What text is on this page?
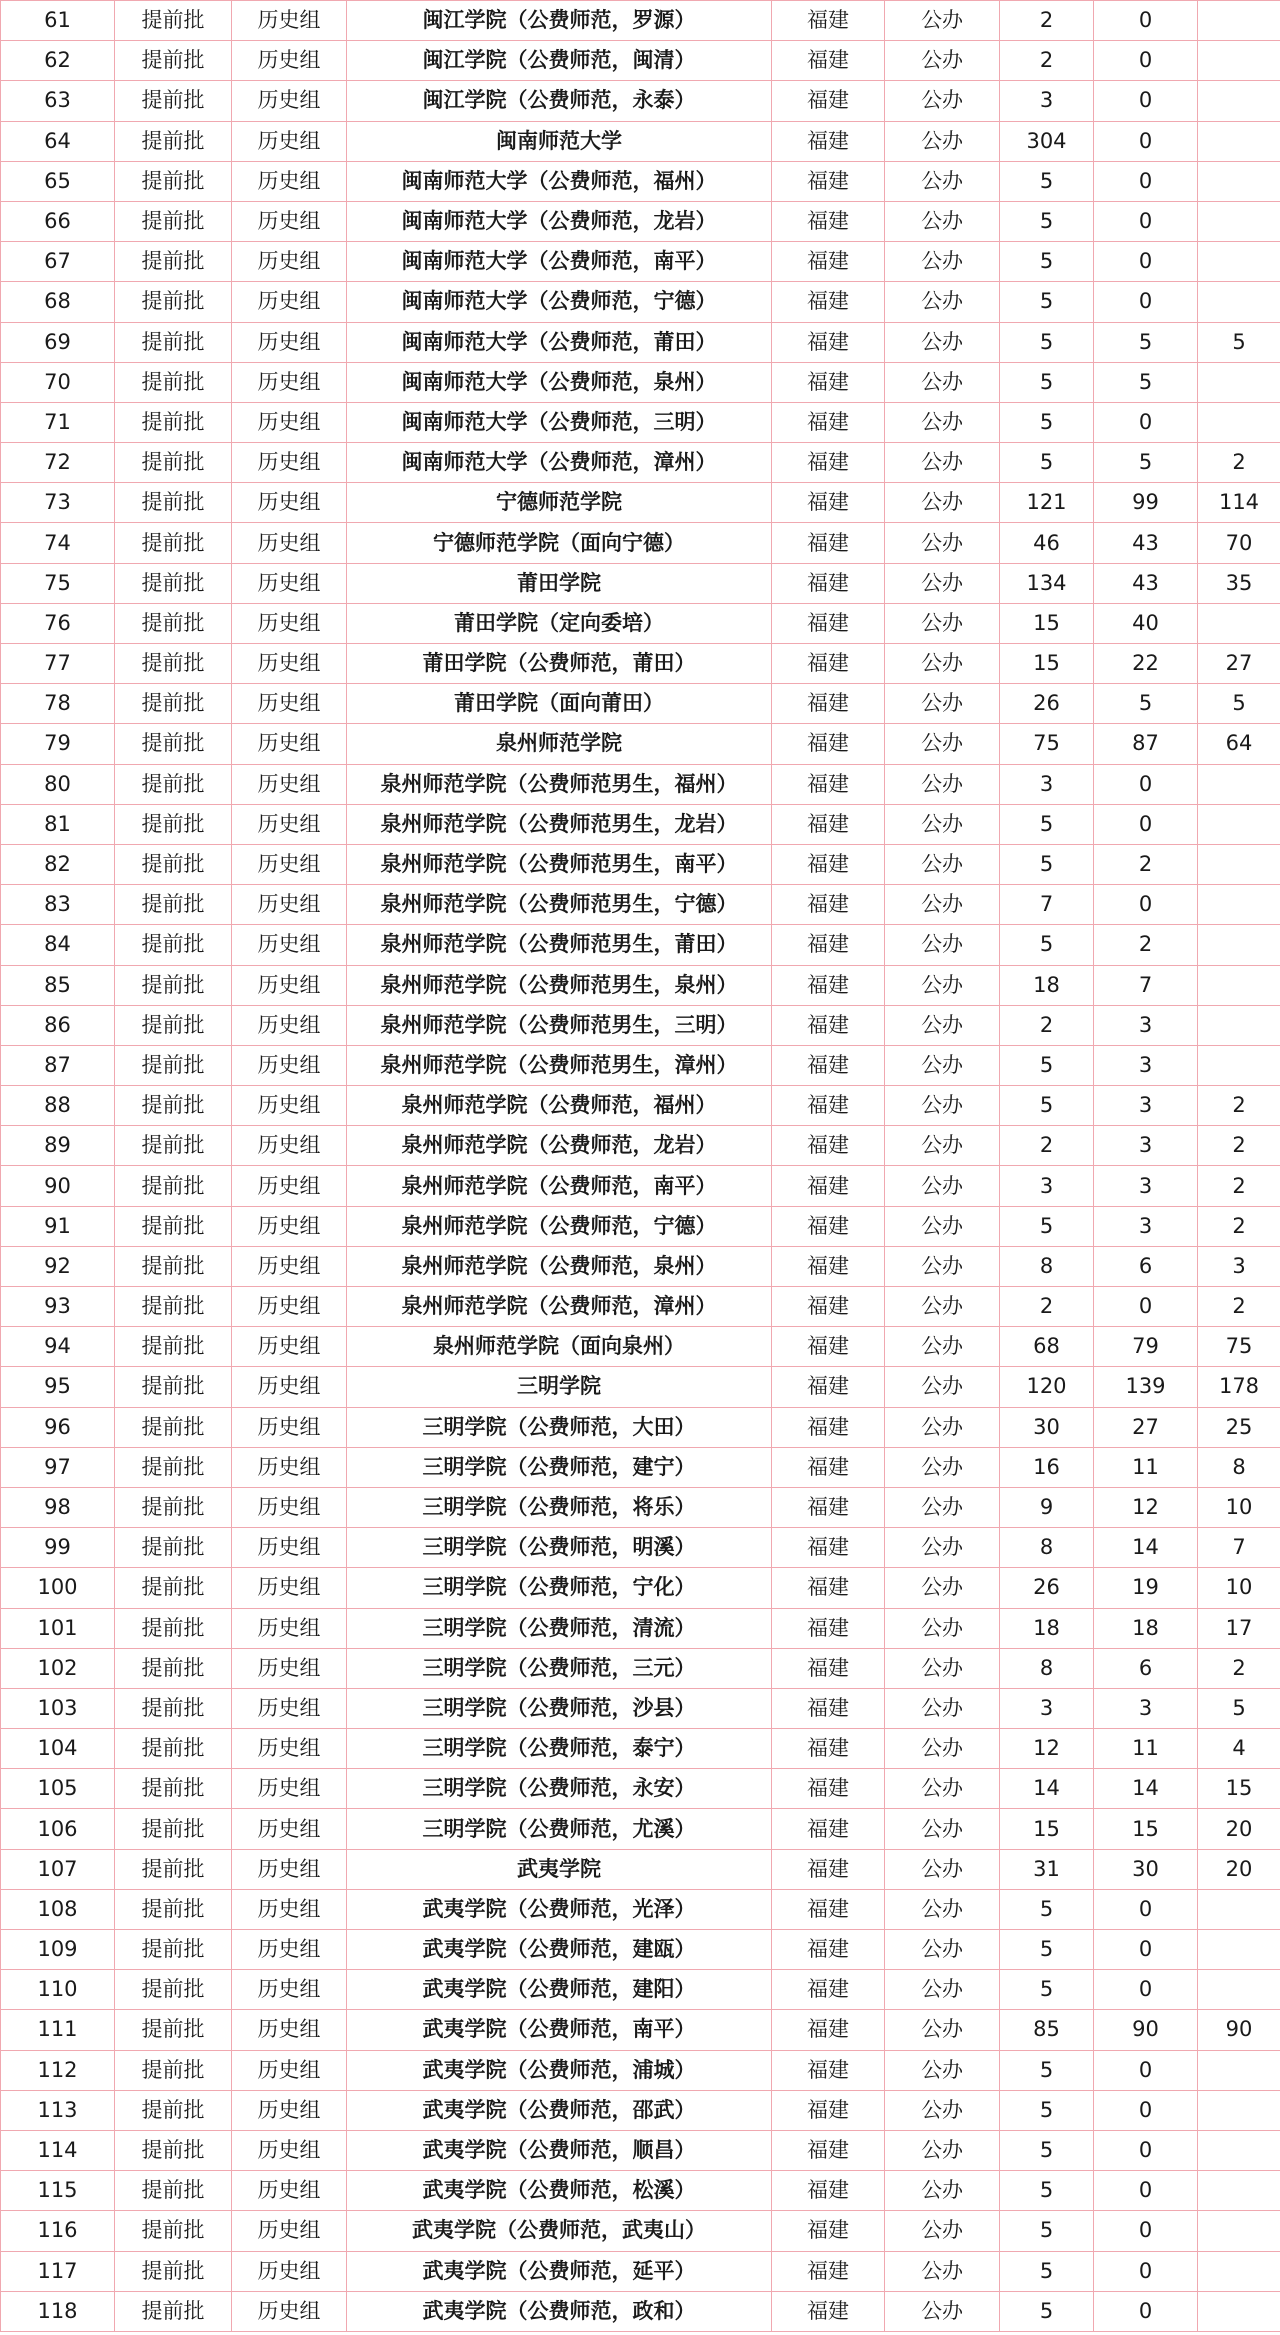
61	提前批	历史组	闽江学院（公费师范，罗源）	福建	公办	2	0	
62	提前批	历史组	闽江学院（公费师范，闽清）	福建	公办	2	0	
63	提前批	历史组	闽江学院（公费师范，永泰）	福建	公办	3	0	
64	提前批	历史组	闽南师范大学	福建	公办	304	0	
65	提前批	历史组	闽南师范大学（公费师范，福州）	福建	公办	5	0	
66	提前批	历史组	闽南师范大学（公费师范，龙岩）	福建	公办	5	0	
67	提前批	历史组	闽南师范大学（公费师范，南平）	福建	公办	5	0	
68	提前批	历史组	闽南师范大学（公费师范，宁德）	福建	公办	5	0	
69	提前批	历史组	闽南师范大学（公费师范，莆田）	福建	公办	5	5	5
70	提前批	历史组	闽南师范大学（公费师范，泉州）	福建	公办	5	5	
71	提前批	历史组	闽南师范大学（公费师范，三明）	福建	公办	5	0	
72	提前批	历史组	闽南师范大学（公费师范，漳州）	福建	公办	5	5	2
73	提前批	历史组	宁德师范学院	福建	公办	121	99	114
74	提前批	历史组	宁德师范学院（面向宁德）	福建	公办	46	43	70
75	提前批	历史组	莆田学院	福建	公办	134	43	35
76	提前批	历史组	莆田学院（定向委培）	福建	公办	15	40	
77	提前批	历史组	莆田学院（公费师范，莆田）	福建	公办	15	22	27
78	提前批	历史组	莆田学院（面向莆田）	福建	公办	26	5	5
79	提前批	历史组	泉州师范学院	福建	公办	75	87	64
80	提前批	历史组	泉州师范学院（公费师范男生，福州）	福建	公办	3	0	
81	提前批	历史组	泉州师范学院（公费师范男生，龙岩）	福建	公办	5	0	
82	提前批	历史组	泉州师范学院（公费师范男生，南平）	福建	公办	5	2	
83	提前批	历史组	泉州师范学院（公费师范男生，宁德）	福建	公办	7	0	
84	提前批	历史组	泉州师范学院（公费师范男生，莆田）	福建	公办	5	2	
85	提前批	历史组	泉州师范学院（公费师范男生，泉州）	福建	公办	18	7	
86	提前批	历史组	泉州师范学院（公费师范男生，三明）	福建	公办	2	3	
87	提前批	历史组	泉州师范学院（公费师范男生，漳州）	福建	公办	5	3	
88	提前批	历史组	泉州师范学院（公费师范，福州）	福建	公办	5	3	2
89	提前批	历史组	泉州师范学院（公费师范，龙岩）	福建	公办	2	3	2
90	提前批	历史组	泉州师范学院（公费师范，南平）	福建	公办	3	3	2
91	提前批	历史组	泉州师范学院（公费师范，宁德）	福建	公办	5	3	2
92	提前批	历史组	泉州师范学院（公费师范，泉州）	福建	公办	8	6	3
93	提前批	历史组	泉州师范学院（公费师范，漳州）	福建	公办	2	0	2
94	提前批	历史组	泉州师范学院（面向泉州）	福建	公办	68	79	75
95	提前批	历史组	三明学院	福建	公办	120	139	178
96	提前批	历史组	三明学院（公费师范，大田）	福建	公办	30	27	25
97	提前批	历史组	三明学院（公费师范，建宁）	福建	公办	16	11	8
98	提前批	历史组	三明学院（公费师范，将乐）	福建	公办	9	12	10
99	提前批	历史组	三明学院（公费师范，明溪）	福建	公办	8	14	7
100	提前批	历史组	三明学院（公费师范，宁化）	福建	公办	26	19	10
101	提前批	历史组	三明学院（公费师范，清流）	福建	公办	18	18	17
102	提前批	历史组	三明学院（公费师范，三元）	福建	公办	8	6	2
103	提前批	历史组	三明学院（公费师范，沙县）	福建	公办	3	3	5
104	提前批	历史组	三明学院（公费师范，泰宁）	福建	公办	12	11	4
105	提前批	历史组	三明学院（公费师范，永安）	福建	公办	14	14	15
106	提前批	历史组	三明学院（公费师范，尤溪）	福建	公办	15	15	20
107	提前批	历史组	武夷学院	福建	公办	31	30	20
108	提前批	历史组	武夷学院（公费师范，光泽）	福建	公办	5	0	
109	提前批	历史组	武夷学院（公费师范，建瓯）	福建	公办	5	0	
110	提前批	历史组	武夷学院（公费师范，建阳）	福建	公办	5	0	
111	提前批	历史组	武夷学院（公费师范，南平）	福建	公办	85	90	90
112	提前批	历史组	武夷学院（公费师范，浦城）	福建	公办	5	0	
113	提前批	历史组	武夷学院（公费师范，邵武）	福建	公办	5	0	
114	提前批	历史组	武夷学院（公费师范，顺昌）	福建	公办	5	0	
115	提前批	历史组	武夷学院（公费师范，松溪）	福建	公办	5	0	
116	提前批	历史组	武夷学院（公费师范，武夷山）	福建	公办	5	0	
117	提前批	历史组	武夷学院（公费师范，延平）	福建	公办	5	0	
118	提前批	历史组	武夷学院（公费师范，政和）	福建	公办	5	0	
